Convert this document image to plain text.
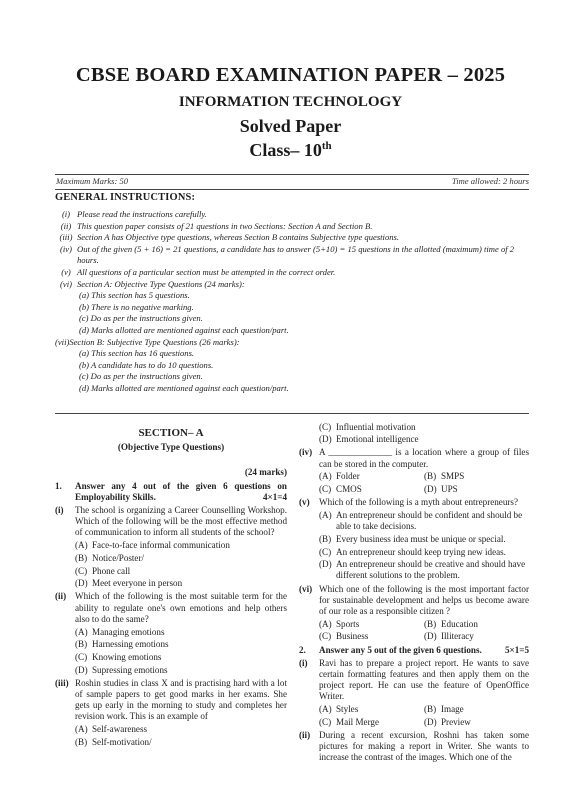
CBSE BOARD EXAMINATION PAPER – 2025
INFORMATION TECHNOLOGY
Solved Paper
Class– 10th
Maximum Marks: 50	Time allowed: 2 hours
GENERAL INSTRUCTIONS:
(i) Please read the instructions carefully.
(ii) This question paper consists of 21 questions in two Sections: Section A and Section B.
(iii) Section A has Objective type questions, whereas Section B contains Subjective type questions.
(iv) Out of the given (5 + 16) = 21 questions, a candidate has to answer (5+10) = 15 questions in the allotted (maximum) time of 2 hours.
(v) All questions of a particular section must be attempted in the correct order.
(vi) Section A: Objective Type Questions (24 marks):
(a) This section has 5 questions.
(b) There is no negative marking.
(c) Do as per the instructions given.
(d) Marks allotted are mentioned against each question/part.
(vii)Section B: Subjective Type Questions (26 marks):
(a) This section has 16 questions.
(b) A candidate has to do 10 questions.
(c) Do as per the instructions given.
(d) Marks allotted are mentioned against each question/part.
SECTION– A
(Objective Type Questions)
(24 marks)
1.	Answer any 4 out of the given 6 questions on Employability Skills.	4×1=4
(i)	The school is organizing a Career Counselling Workshop. Which of the following will be the most effective method of communication to inform all students of the school?
(A) Face-to-face informal communication
(B) Notice/Poster/
(C) Phone call
(D) Meet everyone in person
(ii) Which of the following is the most suitable term for the ability to regulate one's own emotions and help others also to do the same?
(A) Managing emotions
(B) Harnessing emotions
(C) Knowing emotions
(D) Supressing emotions
(iii) Roshin studies in class X and is practising hard with a lot of sample papers to get good marks in her exams. She gets up early in the morning to study and completes her revision work. This is an example of
(A) Self-awareness
(B) Self-motivation/
(C) Influential motivation
(D) Emotional intelligence
(iv) A ______________ is a location where a group of files can be stored in the computer.
(A) Folder	(B) SMPS
(C) CMOS	(D) UPS
(v)	Which of the following is a myth about entrepreneurs?
(A) An entrepreneur should be confident and should be able to take decisions.
(B) Every business idea must be unique or special.
(C) An entrepreneur should keep trying new ideas.
(D) An entrepreneur should be creative and should have different solutions to the problem.
(vi) Which one of the following is the most important factor for sustainable development and helps us become aware of our role as a responsible citizen ?
(A) Sports	(B) Education
(C) Business	(D) Illiteracy
2.	Answer any 5 out of the given 6 questions.	5×1=5
(i)	Ravi has to prepare a project report. He wants to save certain formatting features and then apply them on the project report. He can use the feature of OpenOffice Writer.
(A) Styles	(B) Image
(C) Mail Merge	(D) Preview
(ii) During a recent excursion, Roshni has taken some pictures for making a report in Writer. She wants to increase the contrast of the images. Which one of the
